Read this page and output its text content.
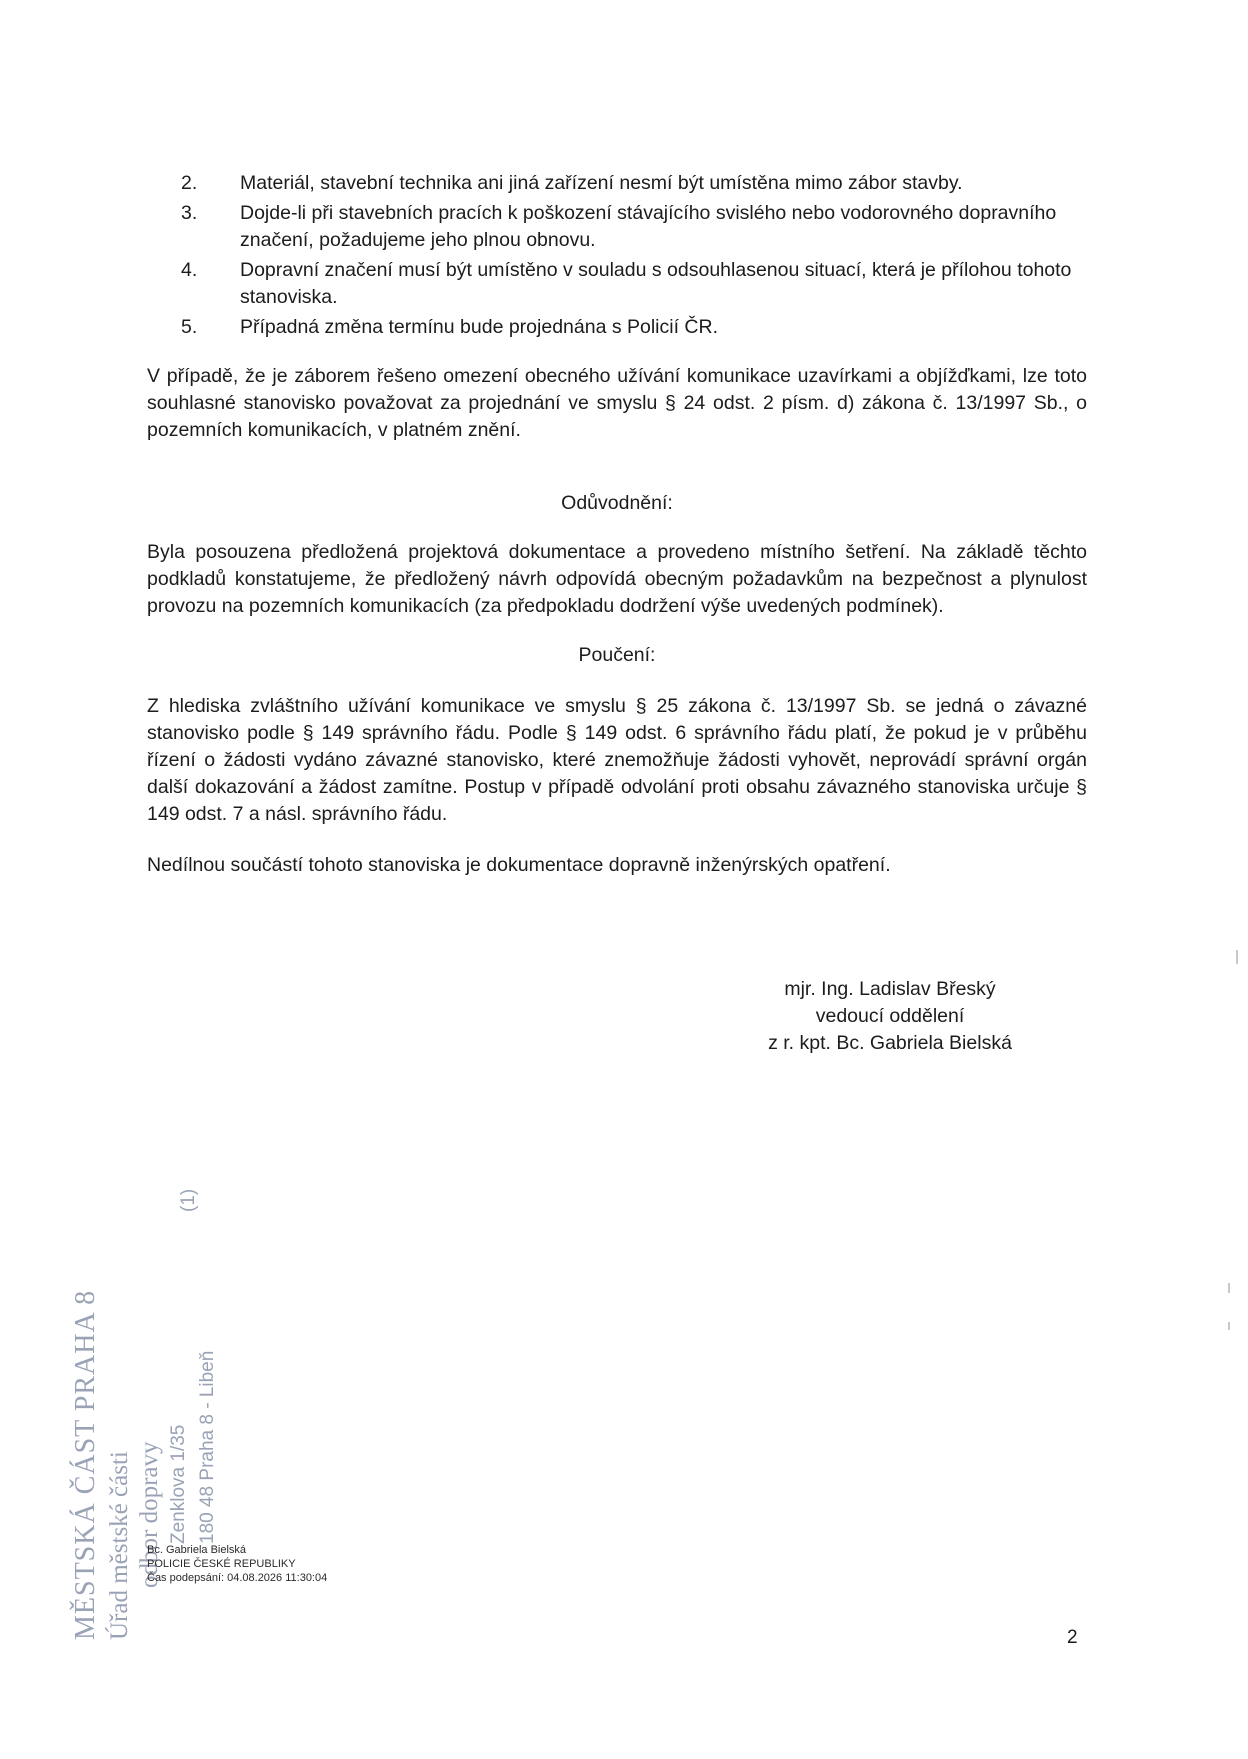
2.	Materiál, stavební technika ani jiná zařízení nesmí být umístěna mimo zábor stavby.
3.	Dojde-li při stavebních pracích k poškození stávajícího svislého nebo vodorovného dopravního značení, požadujeme jeho plnou obnovu.
4.	Dopravní značení musí být umístěno v souladu s odsouhlasenou situací, která je přílohou tohoto stanoviska.
5.	Případná změna termínu bude projednána s Policií ČR.

V případě, že je záborem řešeno omezení obecného užívání komunikace uzavírkami a objížďkami, lze toto souhlasné stanovisko považovat za projednání ve smyslu § 24 odst. 2 písm. d) zákona č. 13/1997 Sb., o pozemních komunikacích, v platném znění.

Odůvodnění:

Byla posouzena předložená projektová dokumentace a provedeno místního šetření. Na základě těchto podkladů konstatujeme, že předložený návrh odpovídá obecným požadavkům na bezpečnost a plynulost provozu na pozemních komunikacích (za předpokladu dodržení výše uvedených podmínek).

Poučení:

Z hlediska zvláštního užívání komunikace ve smyslu § 25 zákona č. 13/1997 Sb. se jedná o závazné stanovisko podle § 149 správního řádu. Podle § 149 odst. 6 správního řádu platí, že pokud je v průběhu řízení o žádosti vydáno závazné stanovisko, které znemožňuje žádosti vyhovět, neprovádí správní orgán další dokazování a žádost zamítne. Postup v případě odvolání proti obsahu závazného stanoviska určuje § 149 odst. 7 a násl. správního řádu.

Nedílnou součástí tohoto stanoviska je dokumentace dopravně inženýrských opatření.

mjr. Ing. Ladislav Břeský
vedoucí oddělení
z r. kpt. Bc. Gabriela Bielská
MĚSTSKÁ ČÁST PRAHA 8 Úřad městské části odbor dopravy Zenklova 1/35 180 48 Praha 8 - Libeň
(1)
Bc. Gabriela Bielská
POLICIE ČESKÉ REPUBLIKY
Čas podepsání: 04.08.2026 11:30:04
2
